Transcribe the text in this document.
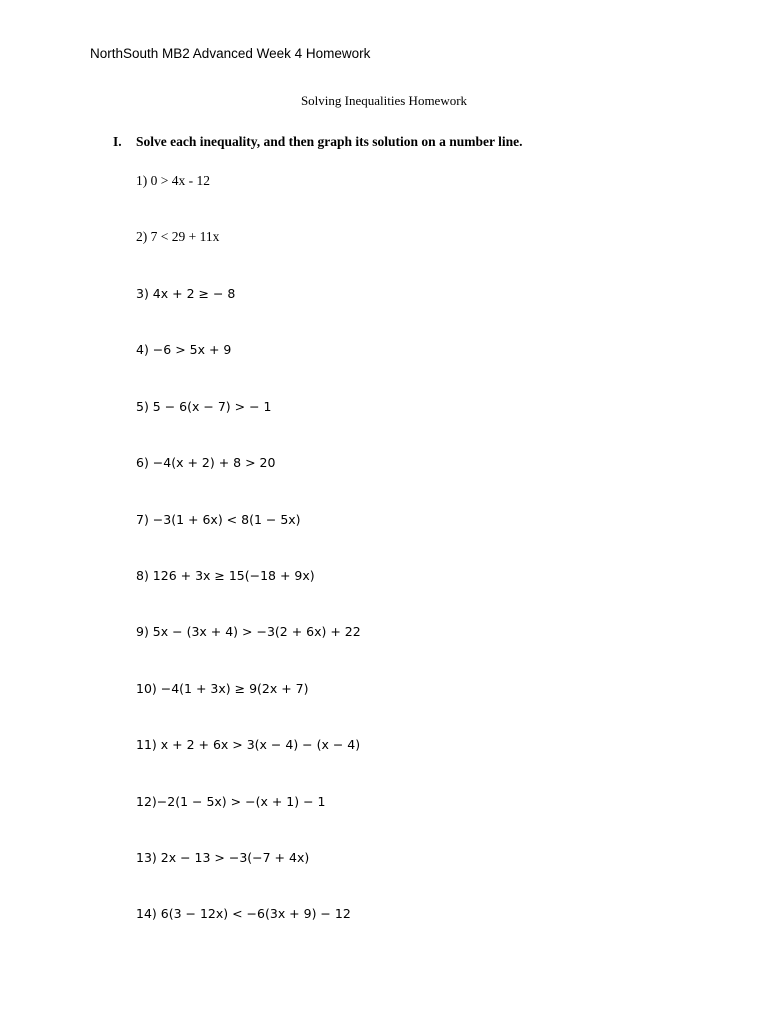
NorthSouth MB2 Advanced Week 4 Homework
Solving Inequalities Homework
I. Solve each inequality, and then graph its solution on a number line.
1) 0 > 4x - 12
2) 7 < 29 + 11x
3) 4x + 2 ≥ − 8
4) −6 > 5x + 9
5) 5 − 6(x − 7) > − 1
6) −4(x + 2) + 8 > 20
7) −3(1 + 6x) < 8(1 − 5x)
8) 126 + 3x ≥ 15(−18 + 9x)
9) 5x − (3x + 4) > −3(2 + 6x) + 22
10) −4(1 + 3x) ≥ 9(2x + 7)
11) x + 2 + 6x > 3(x − 4) − (x − 4)
12)−2(1 − 5x) > −(x + 1) − 1
13) 2x − 13 > −3(−7 + 4x)
14) 6(3 − 12x) < −6(3x + 9) − 12
